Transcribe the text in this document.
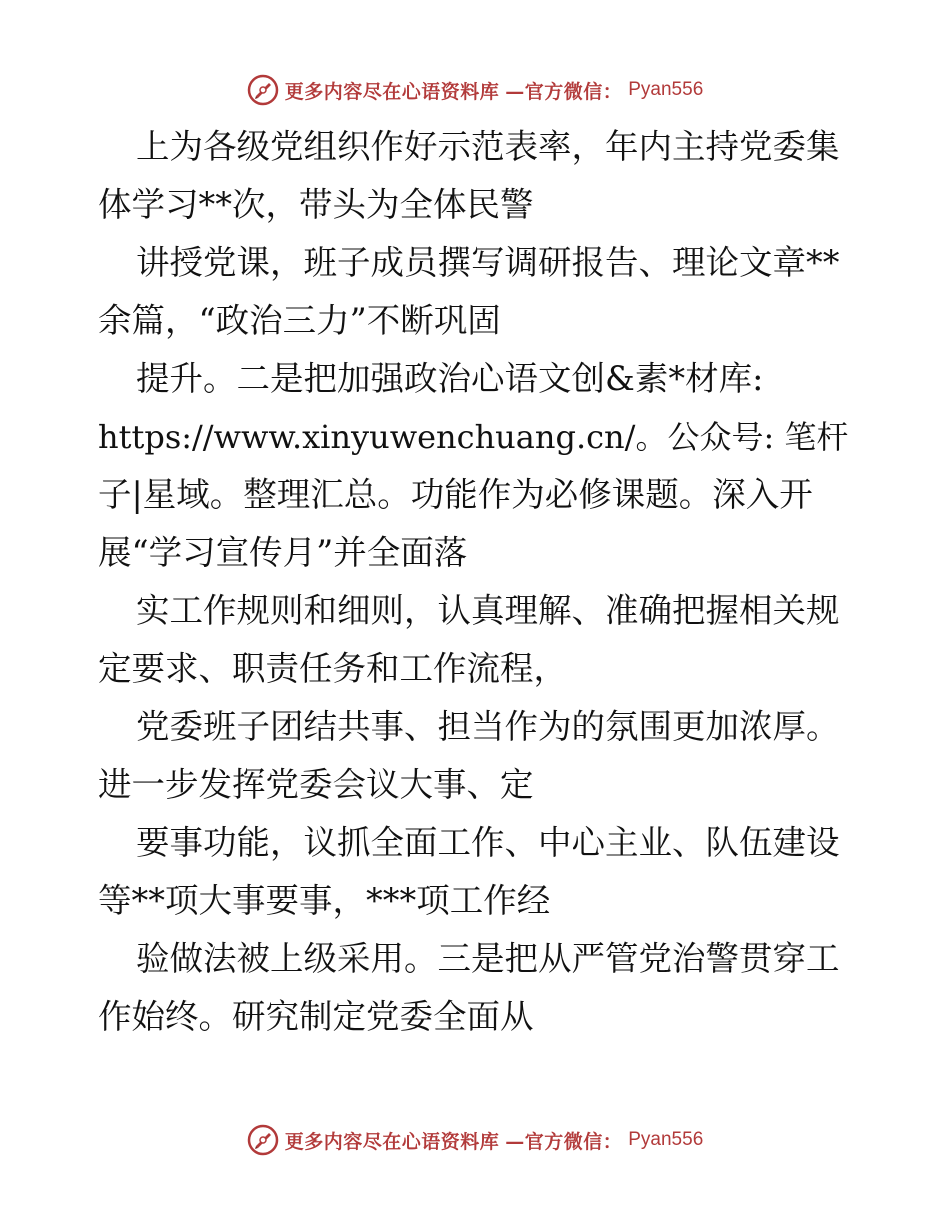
更多内容尽在心语资料库 —官方微信： Pyan556
上为各级党组织作好示范表率，年内主持党委集
体学习**次，带头为全体民警
讲授党课，班子成员撰写调研报告、理论文章**
余篇，“政治三力”不断巩固
提升。二是把加强政治心语文创&素*材库:
https://www.xinyuwenchuang.cn/。公众号: 笔杆
子|星域。整理汇总。功能作为必修课题。深入开
展“学习宣传月”并全面落
实工作规则和细则，认真理解、准确把握相关规
定要求、职责任务和工作流程，
党委班子团结共事、担当作为的氛围更加浓厚。
进一步发挥党委会议大事、定
要事功能，议抓全面工作、中心主业、队伍建设
等**项大事要事，***项工作经
验做法被上级采用。三是把从严管党治警贯穿工
作始终。研究制定党委全面从
更多内容尽在心语资料库 —官方微信： Pyan556
